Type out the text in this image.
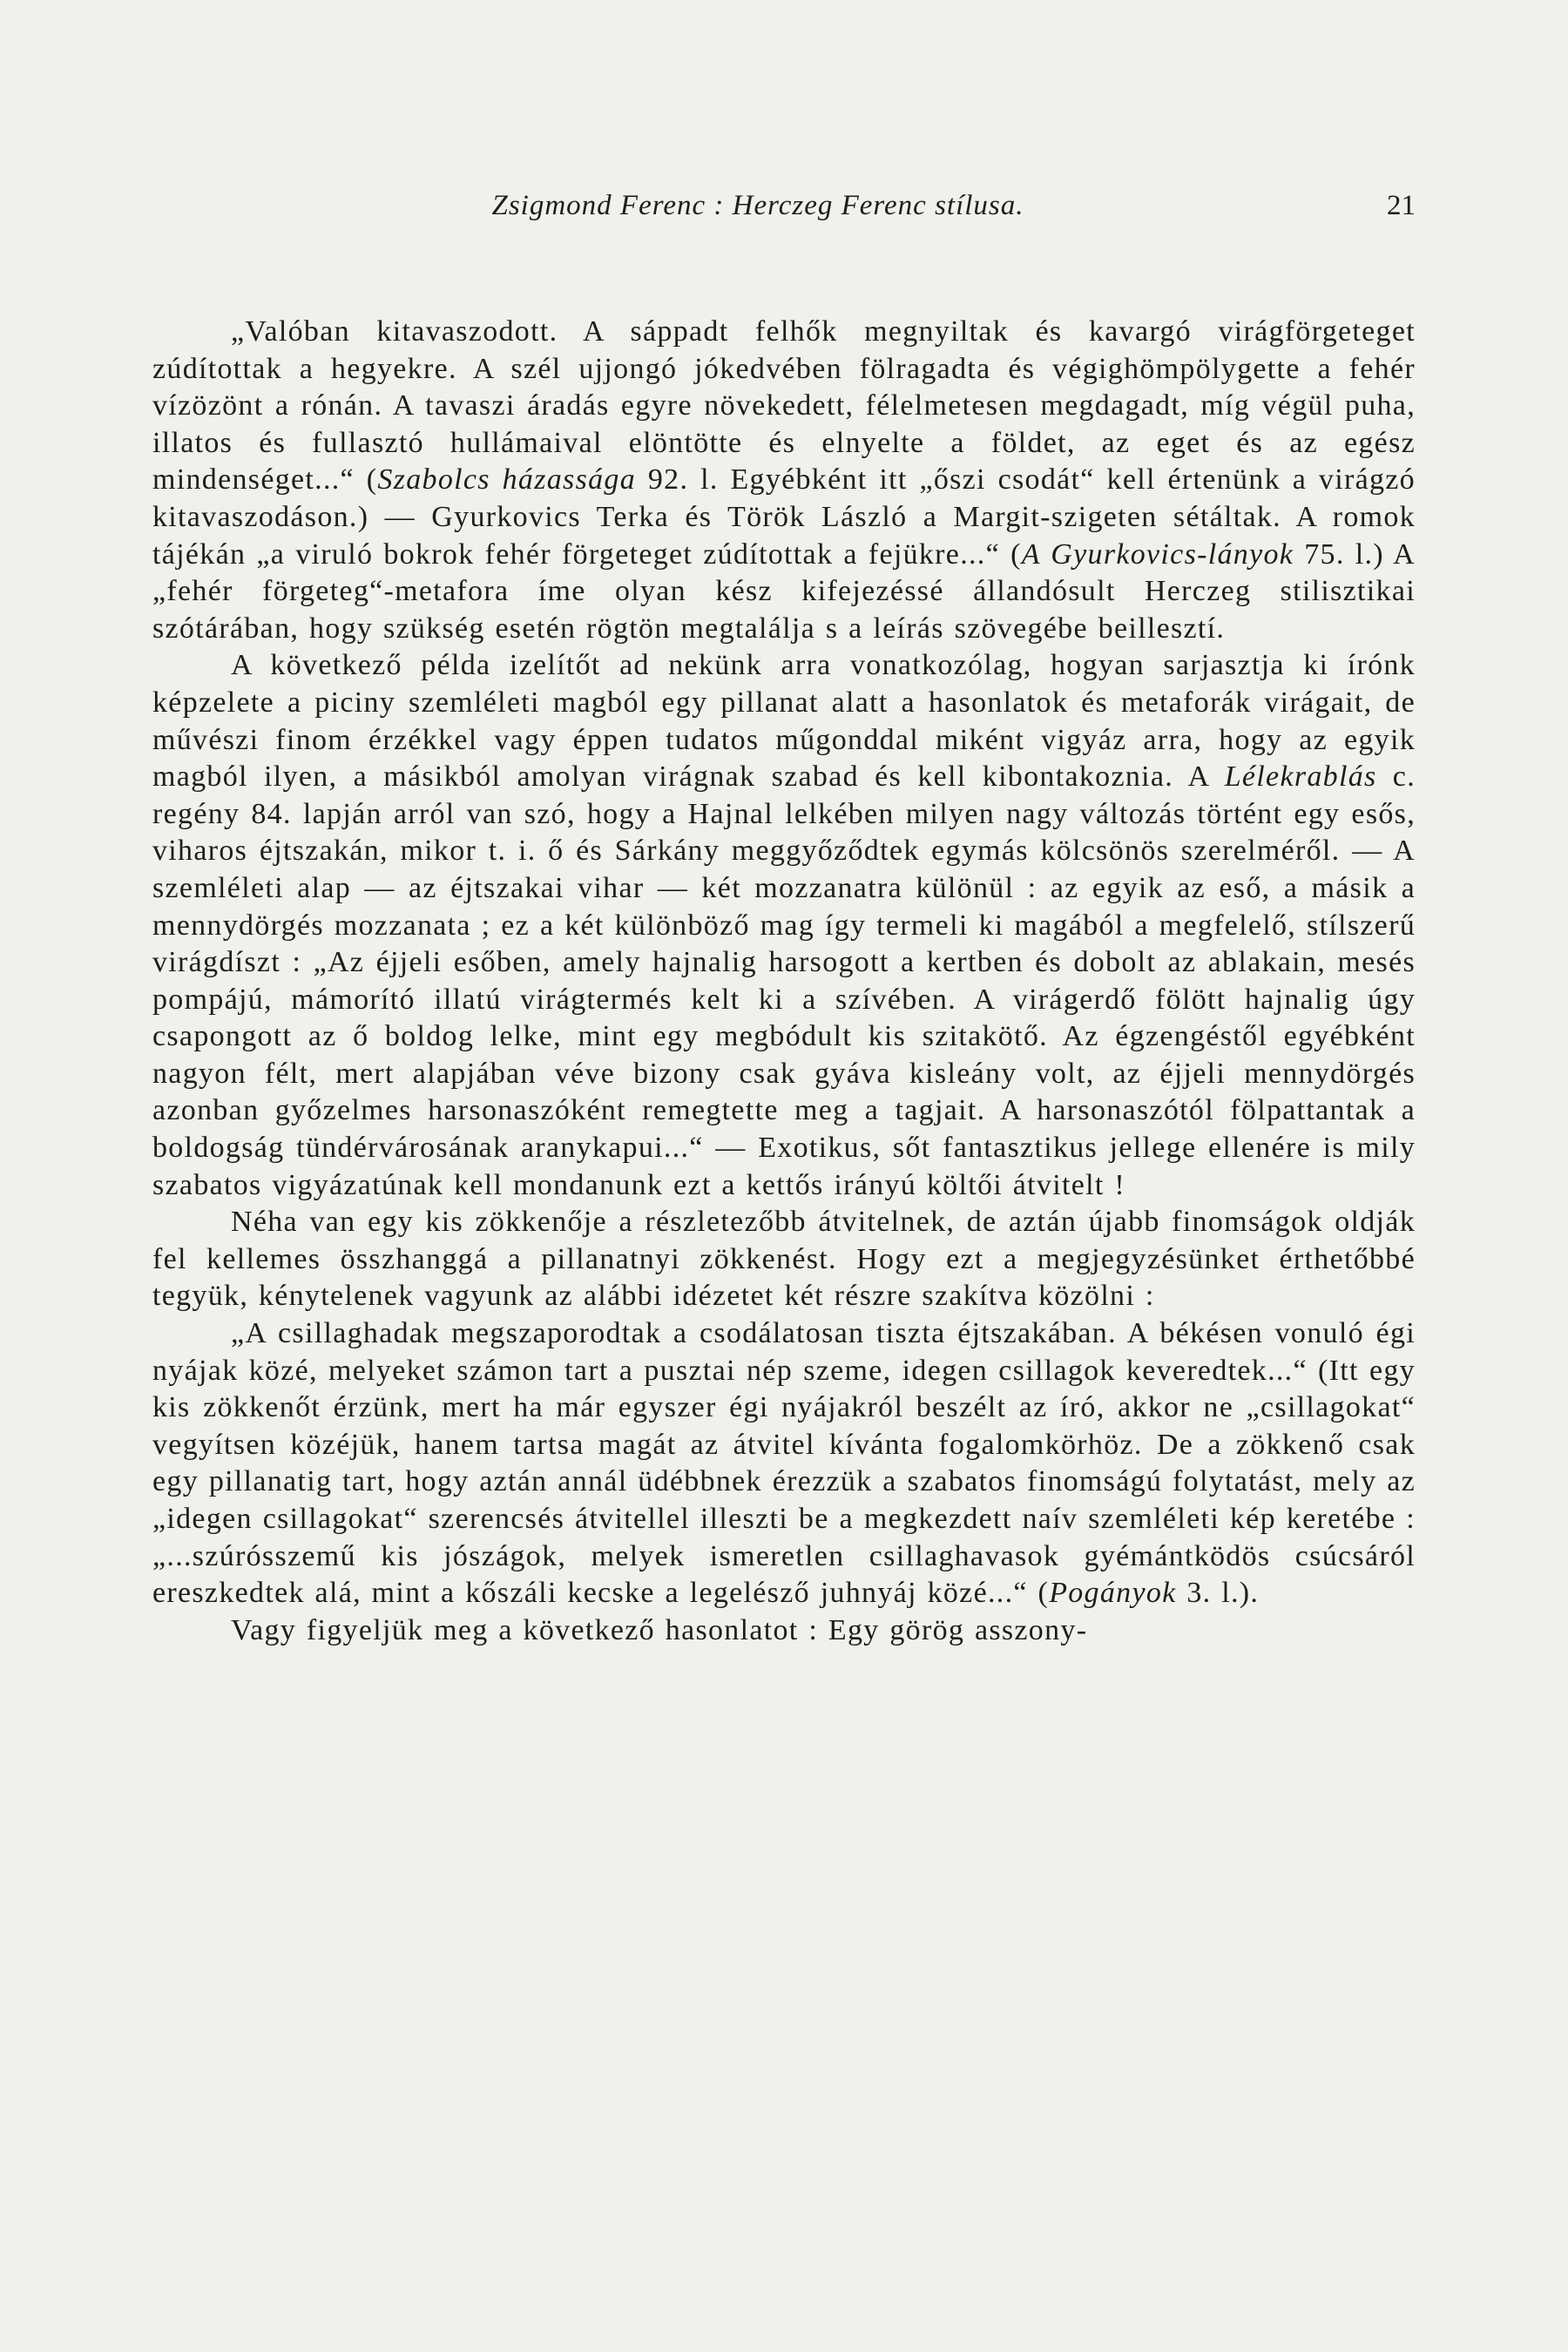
Zsigmond Ferenc : Herczeg Ferenc stílusa.	21

„Valóban kitavaszodott. A sáppadt felhők megnyiltak és kavargó virágförgeteget zúdítottak a hegyekre. A szél ujjongó jókedvében fölragadta és végighömpölygette a fehér vízözönt a rónán. A tavaszi áradás egyre növekedett, félelmetesen megdagadt, míg végül puha, illatos és fullasztó hullámaival elöntötte és elnyelte a földet, az eget és az egész mindenséget...“ (Szabolcs házassága 92. l. Egyébként itt „őszi csodát“ kell értenünk a virágzó kitavaszodáson.) — Gyurkovics Terka és Török László a Margit-szigeten sétáltak. A romok tájékán „a viruló bokrok fehér förgeteget zúdítottak a fejükre...“ (A Gyurkovics-lányok 75. l.) A „fehér förgeteg“-metafora íme olyan kész kifejezéssé állandósult Herczeg stilisztikai szótárában, hogy szükség esetén rögtön megtalálja s a leírás szövegébe beillesztí.

A következő példa izelítőt ad nekünk arra vonatkozólag, hogyan sarjasztja ki írónk képzelete a piciny szemléleti magból egy pillanat alatt a hasonlatok és metaforák virágait, de művészi finom érzékkel vagy éppen tudatos műgonddal miként vigyáz arra, hogy az egyik magból ilyen, a másikból amolyan virágnak szabad és kell kibontakoznia. A Lélekrablás c. regény 84. lapján arról van szó, hogy a Hajnal lelkében milyen nagy változás történt egy esős, viharos éjtszakán, mikor t. i. ő és Sárkány meggyőződtek egymás kölcsönös szerelméről. — A szemléleti alap — az éjtszakai vihar — két mozzanatra különül : az egyik az eső, a másik a mennydörgés mozzanata ; ez a két különböző mag így termeli ki magából a megfelelő, stílszerű virágdíszt : „Az éjjeli esőben, amely hajnalig harsogott a kertben és dobolt az ablakain, mesés pompájú, mámorító illatú virágtermés kelt ki a szívében. A virágerdő fölött hajnalig úgy csapongott az ő boldog lelke, mint egy megbódult kis szitakötő. Az égzengéstől egyébként nagyon félt, mert alapjában véve bizony csak gyáva kisleány volt, az éjjeli mennydörgés azonban győzelmes harsonaszóként remegtette meg a tagjait. A harsonaszótól fölpattantak a boldogság tündérvárosának aranykapui...“ — Exotikus, sőt fantasztikus jellege ellenére is mily szabatos vigyázatúnak kell mondanunk ezt a kettős irányú költői átvitelt !

Néha van egy kis zökkenője a részletezőbb átvitelnek, de aztán újabb finomságok oldják fel kellemes összhanggá a pillanatnyi zökkenést. Hogy ezt a megjegyzésünket érthetőbbé tegyük, kénytelenek vagyunk az alábbi idézetet két részre szakítva közölni :

„A csillaghadak megszaporodtak a csodálatosan tiszta éjtszakában. A békésen vonuló égi nyájak közé, melyeket számon tart a pusztai nép szeme, idegen csillagok keveredtek...“ (Itt egy kis zökkenőt érzünk, mert ha már egyszer égi nyájakról beszélt az író, akkor ne „csillagokat“ vegyítsen közéjük, hanem tartsa magát az átvitel kívánta fogalomkörhöz. De a zökkenő csak egy pillanatig tart, hogy aztán annál üdébbnek érezzük a szabatos finomságú folytatást, mely az „idegen csillagokat“ szerencsés átvitellel illeszti be a megkezdett naív szemléleti kép keretébe : „...szúrósszemű kis jószágok, melyek ismeretlen csillaghavasok gyémántködös csúcsáról ereszkedtek alá, mint a kőszáli kecske a legelésző juhnyáj közé...“ (Pogányok 3. l.).

Vagy figyeljük meg a következő hasonlatot : Egy görög asszony-
